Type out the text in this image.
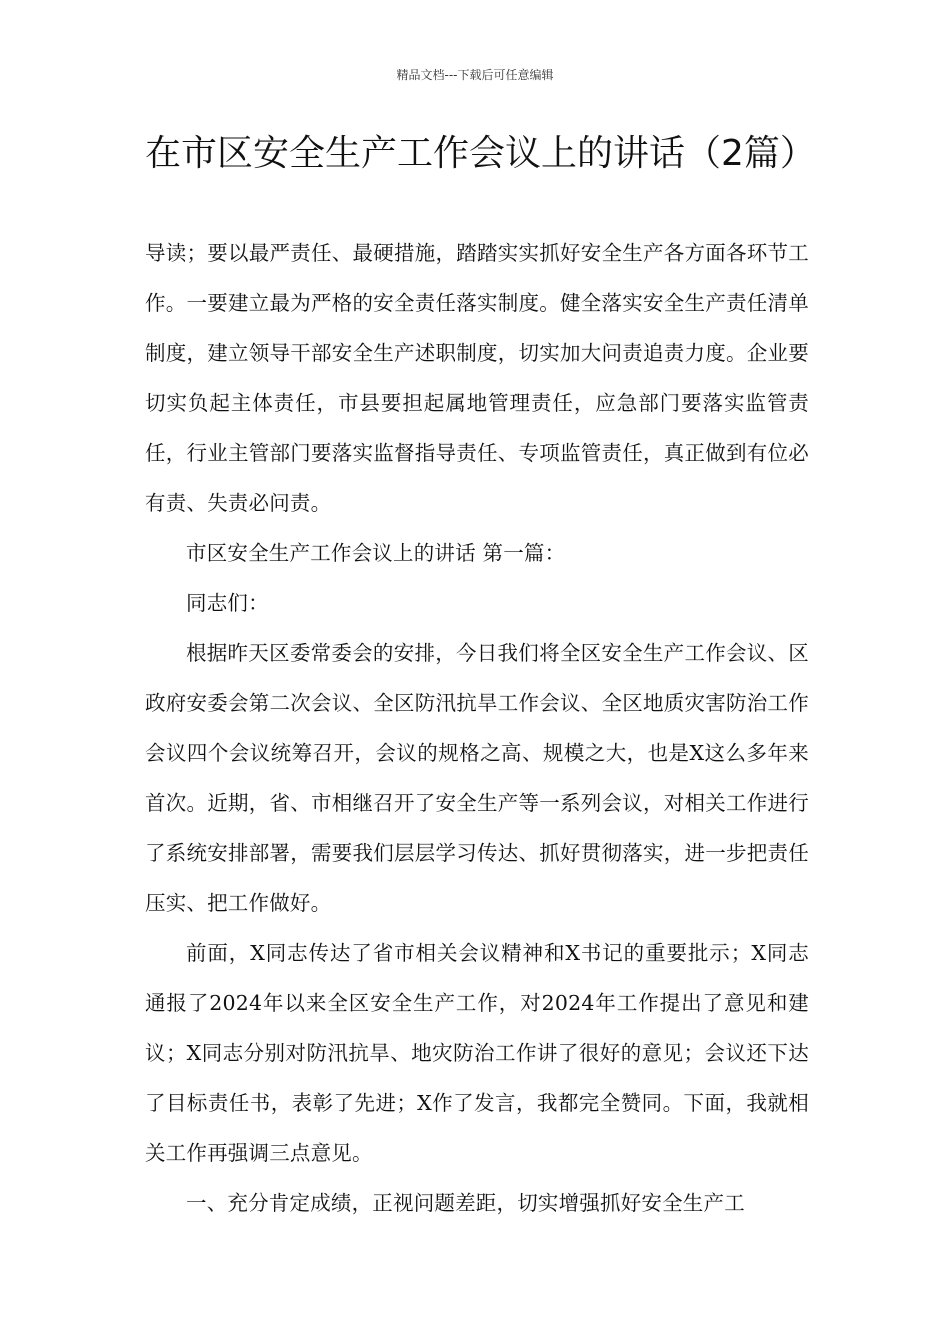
精品文档---下载后可任意编辑
在市区安全生产工作会议上的讲话（2篇）

导读；要以最严责任、最硬措施，踏踏实实抓好安全生产各方面各环节工作。一要建立最为严格的安全责任落实制度。健全落实安全生产责任清单制度，建立领导干部安全生产述职制度，切实加大问责追责力度。企业要切实负起主体责任，市县要担起属地管理责任，应急部门要落实监管责任，行业主管部门要落实监督指导责任、专项监管责任，真正做到有位必有责、失责必问责。

市区安全生产工作会议上的讲话 第一篇：

同志们：

根据昨天区委常委会的安排，今日我们将全区安全生产工作会议、区政府安委会第二次会议、全区防汛抗旱工作会议、全区地质灾害防治工作会议四个会议统筹召开，会议的规格之高、规模之大，也是X这么多年来首次。近期，省、市相继召开了安全生产等一系列会议，对相关工作进行了系统安排部署，需要我们层层学习传达、抓好贯彻落实，进一步把责任压实、把工作做好。

前面，X同志传达了省市相关会议精神和X书记的重要批示；X同志通报了2024年以来全区安全生产工作，对2024年工作提出了意见和建议；X同志分别对防汛抗旱、地灾防治工作讲了很好的意见；会议还下达了目标责任书，表彰了先进；X作了发言，我都完全赞同。下面，我就相关工作再强调三点意见。

一、充分肯定成绩，正视问题差距，切实增强抓好安全生产工
